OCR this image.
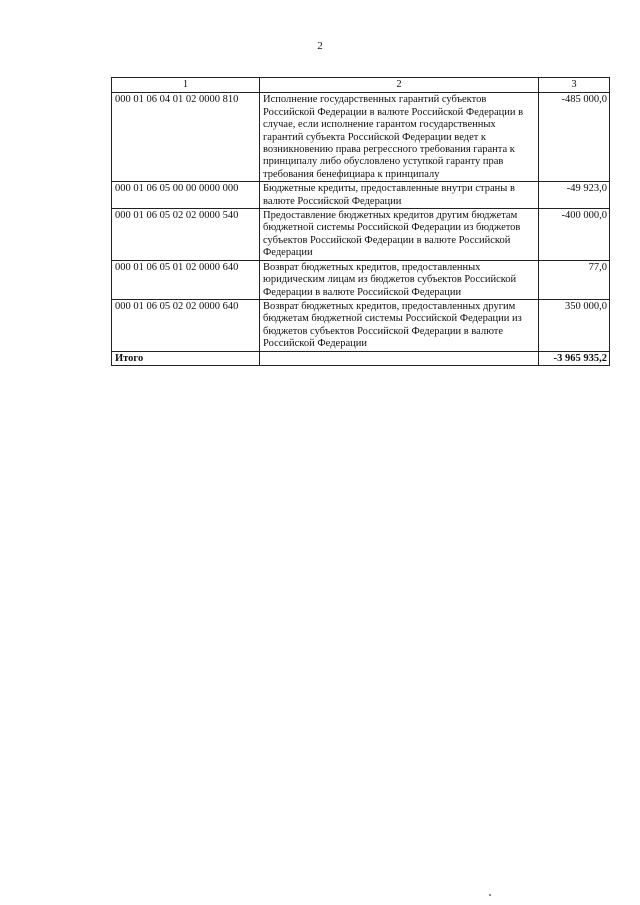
2
1	2	3
000 01 06 04 01 02 0000 810	Исполнение государственных гарантий субъектов Российской Федерации в валюте Российской Федерации в случае, если исполнение гарантом государственных гарантий субъекта Российской Федерации ведет к возникновению права регрессного требования гаранта к принципалу либо обусловлено уступкой гаранту прав требования бенефициара к принципалу	-485 000,0
000 01 06 05 00 00 0000 000	Бюджетные кредиты, предоставленные внутри страны в валюте Российской Федерации	-49 923,0
000 01 06 05 02 02 0000 540	Предоставление бюджетных кредитов другим бюджетам бюджетной системы Российской Федерации из бюджетов субъектов Российской Федерации в валюте Российской Федерации	-400 000,0
000 01 06 05 01 02 0000 640	Возврат бюджетных кредитов, предоставленных юридическим лицам из бюджетов субъектов Российской Федерации в валюте Российской Федерации	77,0
000 01 06 05 02 02 0000 640	Возврат бюджетных кредитов, предоставленных другим бюджетам бюджетной системы Российской Федерации из бюджетов субъектов Российской Федерации в валюте Российской Федерации	350 000,0
Итого		-3 965 935,2
